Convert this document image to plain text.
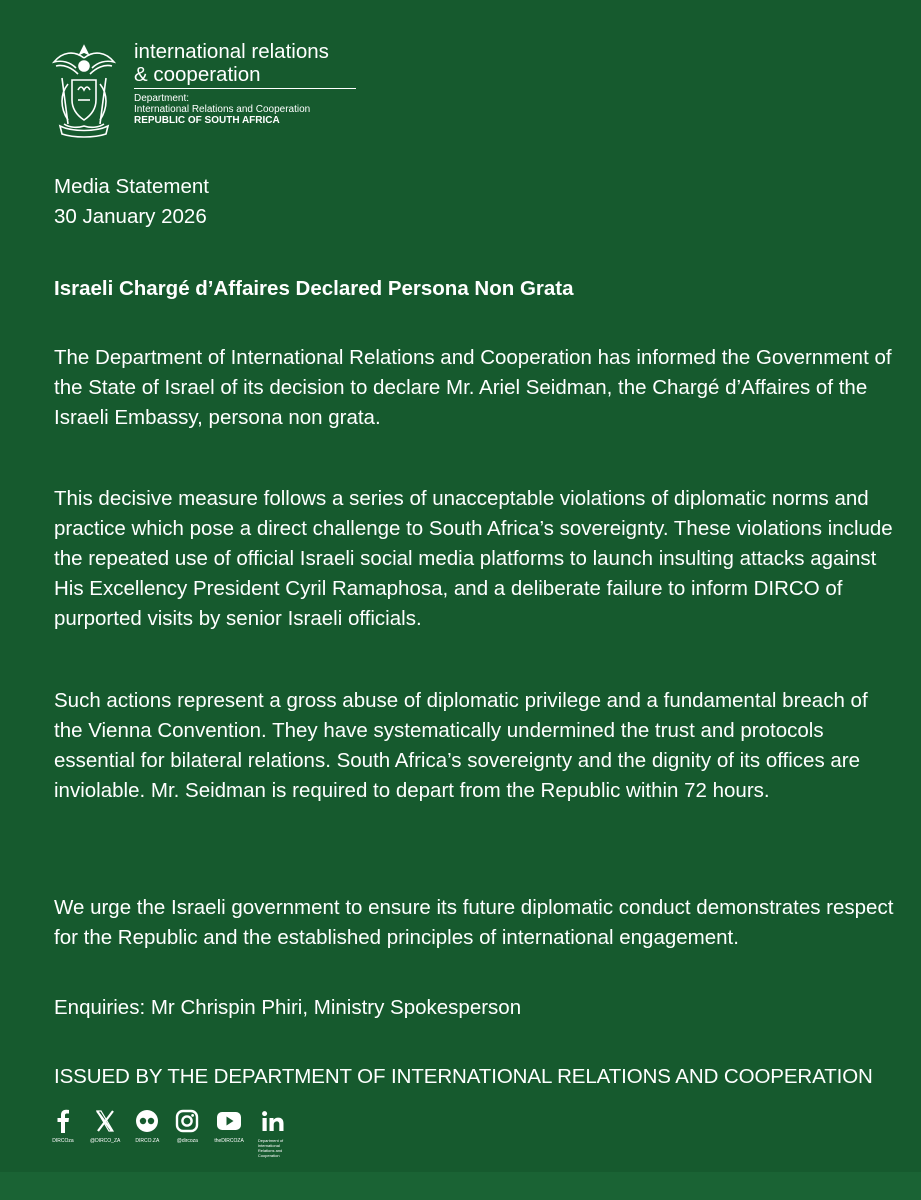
international relations
& cooperation
Department:
International Relations and Cooperation
REPUBLIC OF SOUTH AFRICA
Media Statement
30 January 2026
Israeli Chargé d’Affaires Declared Persona Non Grata

The Department of International Relations and Cooperation has informed the Government of the State of Israel of its decision to declare Mr. Ariel Seidman, the Chargé d’Affaires of the Israeli Embassy, persona non grata.

This decisive measure follows a series of unacceptable violations of diplomatic norms and practice which pose a direct challenge to South Africa’s sovereignty. These violations include the repeated use of official Israeli social media platforms to launch insulting attacks against His Excellency President Cyril Ramaphosa, and a deliberate failure to inform DIRCO of purported visits by senior Israeli officials.

Such actions represent a gross abuse of diplomatic privilege and a fundamental breach of the Vienna Convention. They have systematically undermined the trust and protocols essential for bilateral relations. South Africa’s sovereignty and the dignity of its offices are inviolable. Mr. Seidman is required to depart from the Republic within 72 hours.

We urge the Israeli government to ensure its future diplomatic conduct demonstrates respect for the Republic and the established principles of international engagement.

Enquiries: Mr Chrispin Phiri, Ministry Spokesperson
ISSUED BY THE DEPARTMENT OF INTERNATIONAL RELATIONS AND COOPERATION
DIRCOza	@DIRCO_ZA	DIRCO.ZA	@dircoza	theDIRCOZA	Department of International Relations and Cooperation
